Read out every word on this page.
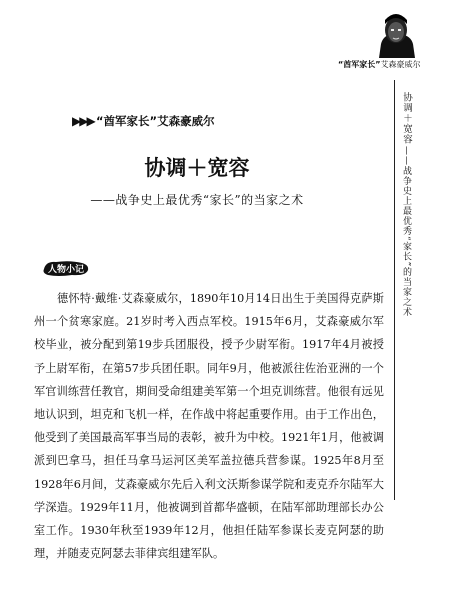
“酋军家长”艾森豪威尔
协调＋宽容
——战争史上最优秀“家长”的当家之术
▶▶▶ “酋军家长”艾森豪威尔
协调＋宽容

——战争史上最优秀“家长”的当家之术

人物小记

德怀特·戴维·艾森豪威尔，1890年10月14日出生于美国得克萨斯州一个贫寒家庭。21岁时考入西点军校。1915年6月，艾森豪威尔军校毕业，被分配到第19步兵团服役，授予少尉军衔。1917年4月被授予上尉军衔，在第57步兵团任职。同年9月，他被派往佐治亚洲的一个军官训练营任教官，期间受命组建美军第一个坦克训练营。他很有远见地认识到，坦克和飞机一样，在作战中将起重要作用。由于工作出色，他受到了美国最高军事当局的表彰，被升为中校。1921年1月，他被调派到巴拿马，担任马拿马运河区美军盖拉德兵营参谋。1925年8月至1928年6月间，艾森豪威尔先后入利文沃斯参谋学院和麦克乔尔陆军大学深造。1929年11月，他被调到首都华盛顿，在陆军部助理部长办公室工作。1930年秋至1939年12月，他担任陆军参谋长麦克阿瑟的助理，并随麦克阿瑟去菲律宾组建军队。
